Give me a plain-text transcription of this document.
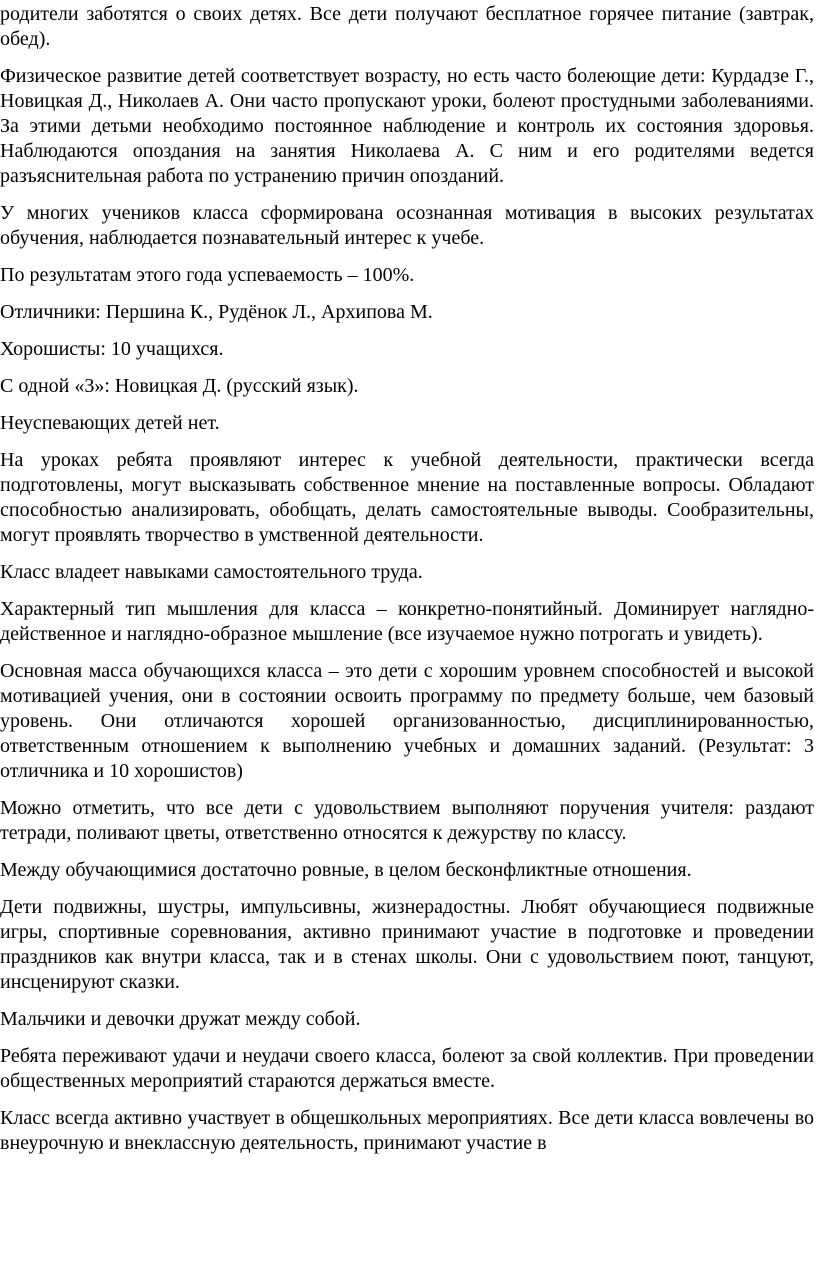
родители заботятся о своих детях. Все дети получают бесплатное горячее питание (завтрак, обед).

Физическое развитие детей соответствует возрасту, но есть часто болеющие дети: Курдадзе Г., Новицкая Д., Николаев А. Они часто пропускают уроки, болеют простудными заболеваниями. За этими детьми необходимо постоянное наблюдение и контроль их состояния здоровья. Наблюдаются опоздания на занятия Николаева А. С ним и его родителями ведется разъяснительная работа по устранению причин опозданий.

У многих учеников класса сформирована осознанная мотивация в высоких результатах обучения, наблюдается познавательный интерес к учебе.

По результатам этого года успеваемость – 100%.

Отличники: Першина К., Рудёнок Л., Архипова М.

Хорошисты: 10 учащихся.

С одной «3»: Новицкая Д. (русский язык).

Неуспевающих детей нет.

На уроках ребята проявляют интерес к учебной деятельности, практически всегда подготовлены, могут высказывать собственное мнение на поставленные вопросы. Обладают способностью анализировать, обобщать, делать самостоятельные выводы. Сообразительны, могут проявлять творчество в умственной деятельности.

Класс владеет навыками самостоятельного труда.

Характерный тип мышления для класса – конкретно-понятийный. Доминирует наглядно-действенное и наглядно-образное мышление (все изучаемое нужно потрогать и увидеть).

Основная масса обучающихся класса – это дети с хорошим уровнем способностей и высокой мотивацией учения, они в состоянии освоить программу по предмету больше, чем базовый уровень. Они отличаются хорошей организованностью, дисциплинированностью, ответственным отношением к выполнению учебных и домашних заданий. (Результат: 3 отличника и 10 хорошистов)

Можно отметить, что все дети с удовольствием выполняют поручения учителя: раздают тетради, поливают цветы, ответственно относятся к дежурству по классу.

Между обучающимися достаточно ровные, в целом бесконфликтные отношения.

Дети подвижны, шустры, импульсивны, жизнерадостны. Любят обучающиеся подвижные игры, спортивные соревнования, активно принимают участие в подготовке и проведении праздников как внутри класса, так и в стенах школы. Они с удовольствием поют, танцуют, инсценируют сказки.

Мальчики и девочки дружат между собой.

Ребята переживают удачи и неудачи своего класса, болеют за свой коллектив. При проведении общественных мероприятий стараются держаться вместе.

Класс всегда активно участвует в общешкольных мероприятиях. Все дети класса вовлечены во внеурочную и внеклассную деятельность, принимают участие в
